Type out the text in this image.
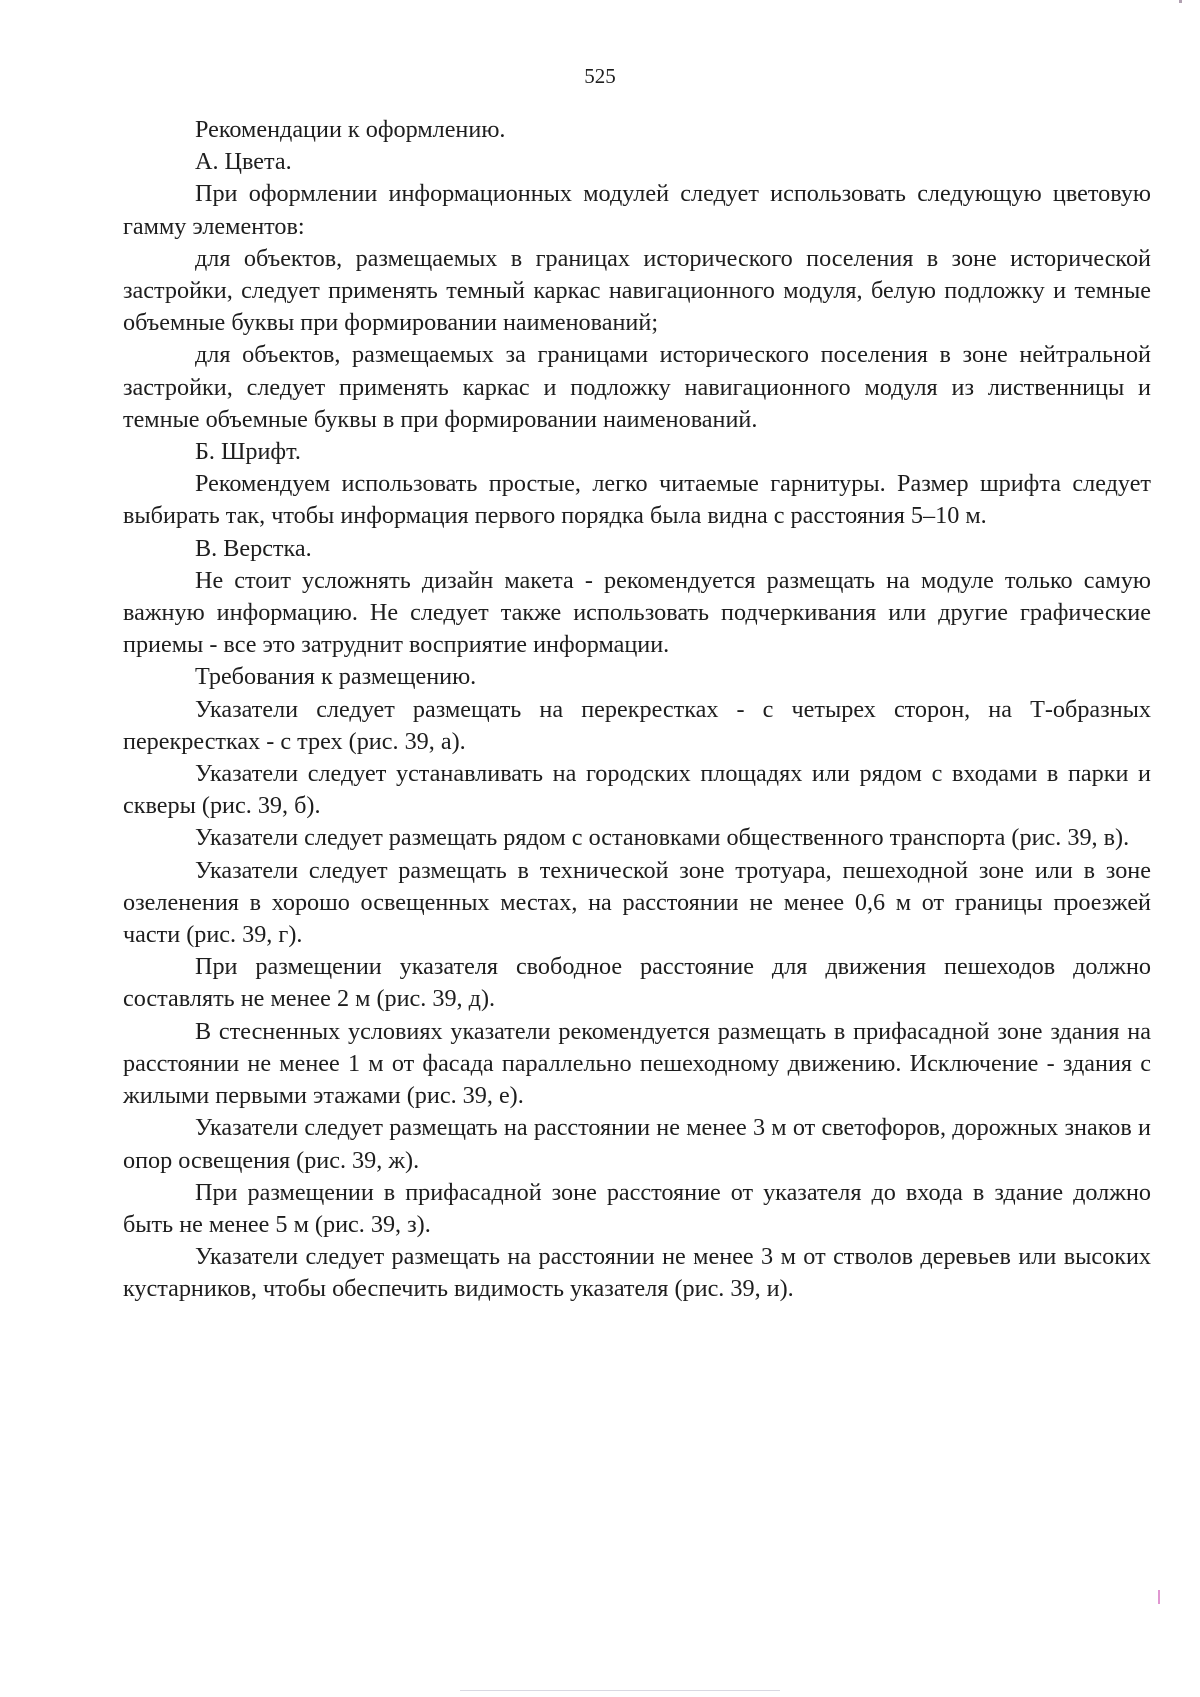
525

Рекомендации к оформлению.

А. Цвета.

При оформлении информационных модулей следует использовать следующую цветовую гамму элементов:

для объектов, размещаемых в границах исторического поселения в зоне исторической застройки, следует применять темный каркас навигационного модуля, белую подложку и темные объемные буквы при формировании наименований;

для объектов, размещаемых за границами исторического поселения в зоне нейтральной застройки, следует применять каркас и подложку навигационного модуля из лиственницы и темные объемные буквы в при формировании наименований.

Б. Шрифт.

Рекомендуем использовать простые, легко читаемые гарнитуры. Размер шрифта следует выбирать так, чтобы информация первого порядка была видна с расстояния 5–10 м.

В. Верстка.

Не стоит усложнять дизайн макета - рекомендуется размещать на модуле только самую важную информацию. Не следует также использовать подчеркивания или другие графические приемы - все это затруднит восприятие информации.

Требования к размещению.

Указатели следует размещать на перекрестках - с четырех сторон, на Т-образных перекрестках - с трех (рис. 39, а).

Указатели следует устанавливать на городских площадях или рядом с входами в парки и скверы (рис. 39, б).

Указатели следует размещать рядом с остановками общественного транспорта (рис. 39, в).

Указатели следует размещать в технической зоне тротуара, пешеходной зоне или в зоне озеленения в хорошо освещенных местах, на расстоянии не менее 0,6 м от границы проезжей части (рис. 39, г).

При размещении указателя свободное расстояние для движения пешеходов должно составлять не менее 2 м (рис. 39, д).

В стесненных условиях указатели рекомендуется размещать в прифасадной зоне здания на расстоянии не менее 1 м от фасада параллельно пешеходному движению. Исключение - здания с жилыми первыми этажами (рис. 39, е).

Указатели следует размещать на расстоянии не менее 3 м от светофоров, дорожных знаков и опор освещения (рис. 39, ж).

При размещении в прифасадной зоне расстояние от указателя до входа в здание должно быть не менее 5 м (рис. 39, з).

Указатели следует размещать на расстоянии не менее 3 м от стволов деревьев или высоких кустарников, чтобы обеспечить видимость указателя (рис. 39, и).
